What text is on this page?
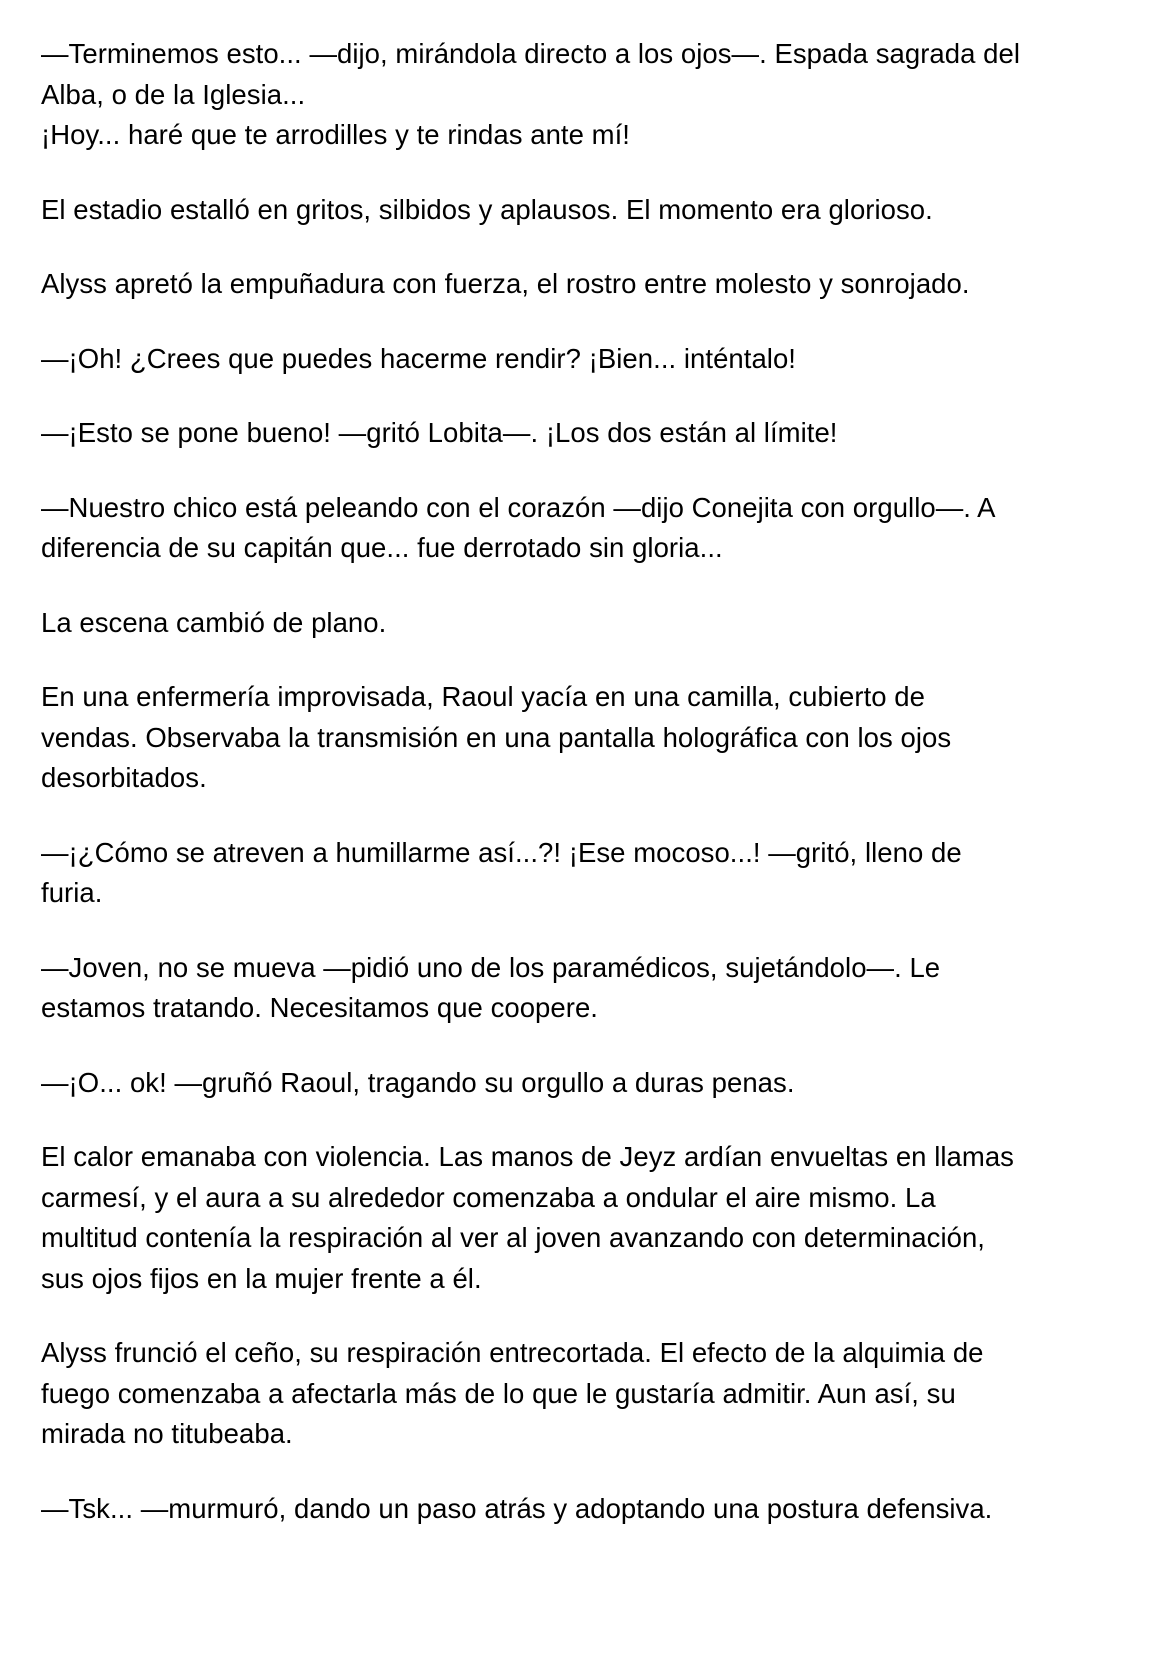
—Terminemos esto... —dijo, mirándola directo a los ojos—. Espada sagrada del
Alba, o de la Iglesia...
¡Hoy... haré que te arrodilles y te rindas ante mí!

El estadio estalló en gritos, silbidos y aplausos. El momento era glorioso.

Alyss apretó la empuñadura con fuerza, el rostro entre molesto y sonrojado.

—¡Oh! ¿Crees que puedes hacerme rendir? ¡Bien... inténtalo!

—¡Esto se pone bueno! —gritó Lobita—. ¡Los dos están al límite!

—Nuestro chico está peleando con el corazón —dijo Conejita con orgullo—. A
diferencia de su capitán que... fue derrotado sin gloria...

La escena cambió de plano.

En una enfermería improvisada, Raoul yacía en una camilla, cubierto de
vendas. Observaba la transmisión en una pantalla holográfica con los ojos
desorbitados.

—¡¿Cómo se atreven a humillarme así...?! ¡Ese mocoso...! —gritó, lleno de
furia.

—Joven, no se mueva —pidió uno de los paramédicos, sujetándolo—. Le
estamos tratando. Necesitamos que coopere.

—¡O... ok! —gruñó Raoul, tragando su orgullo a duras penas.

El calor emanaba con violencia. Las manos de Jeyz ardían envueltas en llamas
carmesí, y el aura a su alrededor comenzaba a ondular el aire mismo. La
multitud contenía la respiración al ver al joven avanzando con determinación,
sus ojos fijos en la mujer frente a él.

Alyss frunció el ceño, su respiración entrecortada. El efecto de la alquimia de
fuego comenzaba a afectarla más de lo que le gustaría admitir. Aun así, su
mirada no titubeaba.

—Tsk... —murmuró, dando un paso atrás y adoptando una postura defensiva.
